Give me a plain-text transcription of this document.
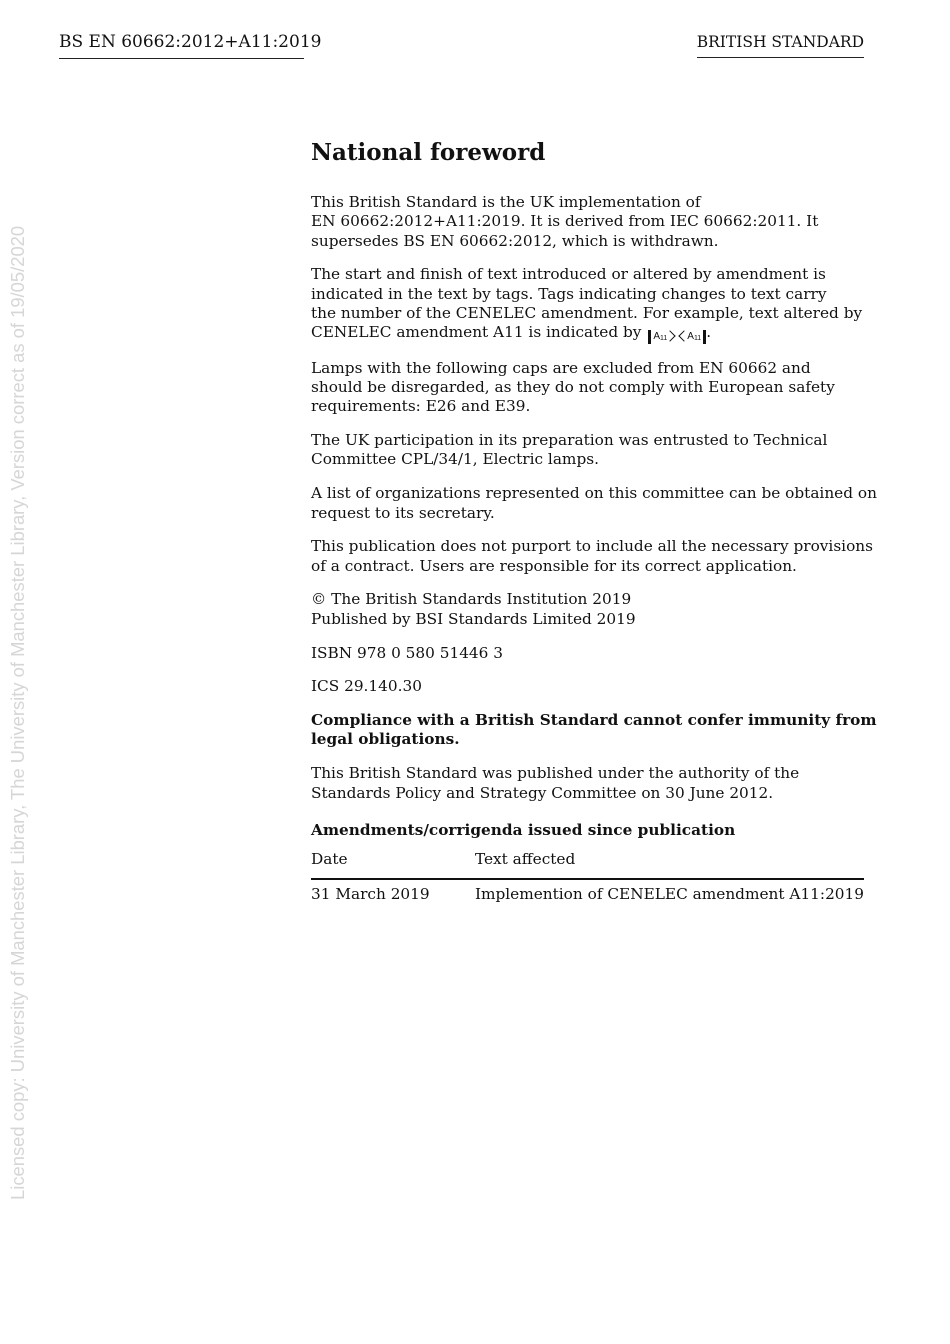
BS EN 60662:2012+A11:2019	BRITISH STANDARD
Licensed copy: University of Manchester Library, The University of Manchester Library, Version correct as of 19/05/2020
National foreword
This British Standard is the UK implementation of
EN 60662:2012+A11:2019. It is derived from IEC 60662:2011. It
supersedes BS EN 60662:2012, which is withdrawn.
The start and finish of text introduced or altered by amendment is
indicated in the text by tags. Tags indicating changes to text carry
the number of the CENELEC amendment. For example, text altered by
CENELEC amendment A11 is indicated by $A_{11}$ $A_{11}$ .
Lamps with the following caps are excluded from EN 60662 and
should be disregarded, as they do not comply with European safety
requirements: E26 and E39.
The UK participation in its preparation was entrusted to Technical
Committee CPL/34/1, Electric lamps.
A list of organizations represented on this committee can be obtained on
request to its secretary.
This publication does not purport to include all the necessary provisions
of a contract. Users are responsible for its correct application.
© The British Standards Institution 2019
Published by BSI Standards Limited 2019
ISBN 978 0 580 51446 3
ICS 29.140.30
Compliance with a British Standard cannot confer immunity from
legal obligations.
This British Standard was published under the authority of the
Standards Policy and Strategy Committee on 30 June 2012.
Amendments/corrigenda issued since publication
Date	Text affected
31 March 2019	Implemention of CENELEC amendment A11:2019
